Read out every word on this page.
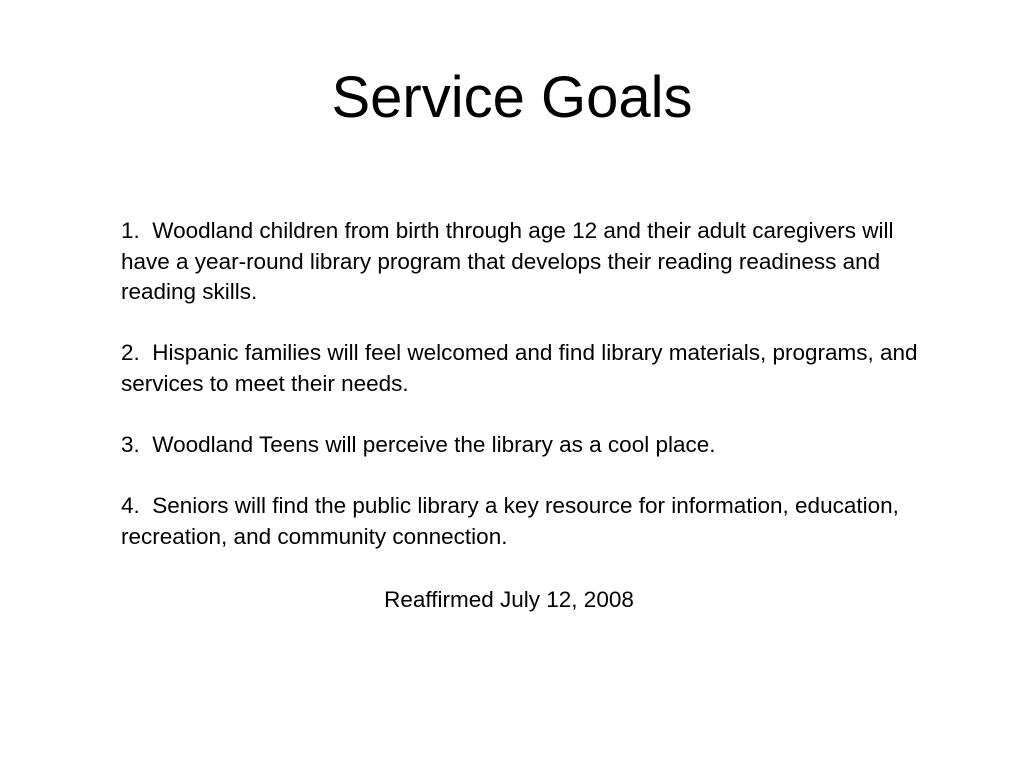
Service Goals
1.  Woodland children from birth through age 12 and their adult caregivers will have a year-round library program that develops their reading readiness and reading skills.
2.  Hispanic families will feel welcomed and find library materials, programs, and services to meet their needs.
3.  Woodland Teens will perceive the library as a cool place.
4.  Seniors will find the public library a key resource for information, education, recreation, and community connection.

Reaffirmed July 12, 2008
